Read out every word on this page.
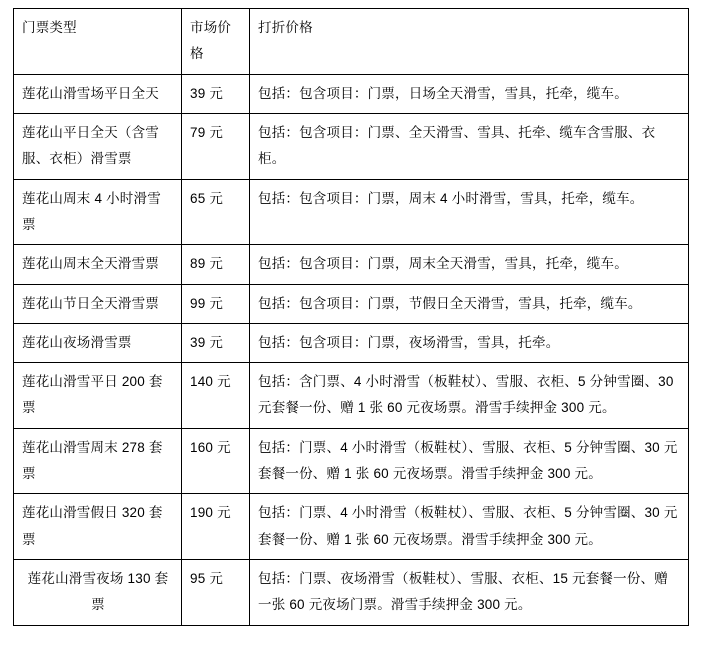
门票类型	市场价格	打折价格
莲花山滑雪场平日全天	39 元	包括：包含项目：门票，日场全天滑雪，雪具，托牵，缆车。
莲花山平日全天（含雪服、衣柜）滑雪票	79 元	包括：包含项目：门票、全天滑雪、雪具、托牵、缆车含雪服、衣柜。
莲花山周末 4 小时滑雪票	65 元	包括：包含项目：门票，周末 4 小时滑雪，雪具，托牵，缆车。
莲花山周末全天滑雪票	89 元	包括：包含项目：门票，周末全天滑雪，雪具，托牵，缆车。
莲花山节日全天滑雪票	99 元	包括：包含项目：门票，节假日全天滑雪，雪具，托牵，缆车。
莲花山夜场滑雪票	39 元	包括：包含项目：门票，夜场滑雪，雪具，托牵。
莲花山滑雪平日 200 套票	140 元	包括：含门票、4 小时滑雪（板鞋杖）、雪服、衣柜、5 分钟雪圈、30 元套餐一份、赠 1 张 60 元夜场票。滑雪手续押金 300 元。
莲花山滑雪周末 278 套票	160 元	包括：门票、4 小时滑雪（板鞋杖）、雪服、衣柜、5 分钟雪圈、30 元套餐一份、赠 1 张 60 元夜场票。滑雪手续押金 300 元。
莲花山滑雪假日 320 套票	190 元	包括：门票、4 小时滑雪（板鞋杖）、雪服、衣柜、5 分钟雪圈、30 元套餐一份、赠 1 张 60 元夜场票。滑雪手续押金 300 元。
莲花山滑雪夜场 130 套票	95 元	包括：门票、夜场滑雪（板鞋杖）、雪服、衣柜、15 元套餐一份、赠一张 60 元夜场门票。滑雪手续押金 300 元。
